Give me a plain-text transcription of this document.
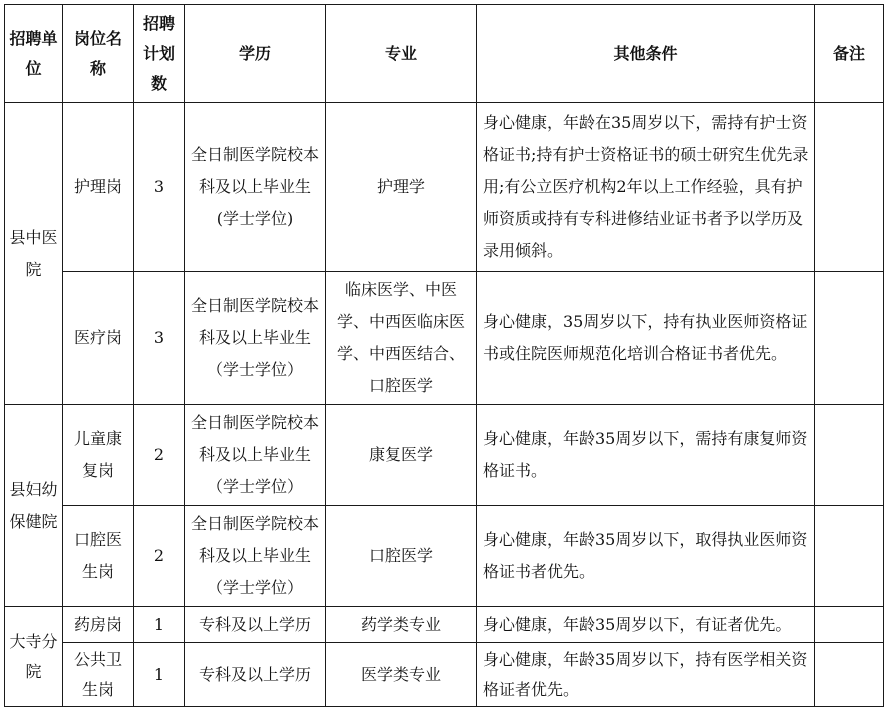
招聘单位	岗位名称	招聘计划数	学历	专业	其他条件	备注
县中医院	护理岗	3	全日制医学院校本科及以上毕业生(学士学位)	护理学	身心健康，年龄在35周岁以下，需持有护士资格证书;持有护士资格证书的硕士研究生优先录用;有公立医疗机构2年以上工作经验，具有护师资质或持有专科进修结业证书者予以学历及录用倾斜。	
	医疗岗	3	全日制医学院校本科及以上毕业生（学士学位）	临床医学、中医学、中西医临床医学、中西医结合、口腔医学	身心健康，35周岁以下，持有执业医师资格证书或住院医师规范化培训合格证书者优先。	
县妇幼保健院	儿童康复岗	2	全日制医学院校本科及以上毕业生（学士学位）	康复医学	身心健康，年龄35周岁以下，需持有康复师资格证书。	
	口腔医生岗	2	全日制医学院校本科及以上毕业生（学士学位）	口腔医学	身心健康，年龄35周岁以下，取得执业医师资格证书者优先。	
大寺分院	药房岗	1	专科及以上学历	药学类专业	身心健康，年龄35周岁以下，有证者优先。	
	公共卫生岗	1	专科及以上学历	医学类专业	身心健康，年龄35周岁以下，持有医学相关资格证者优先。	
